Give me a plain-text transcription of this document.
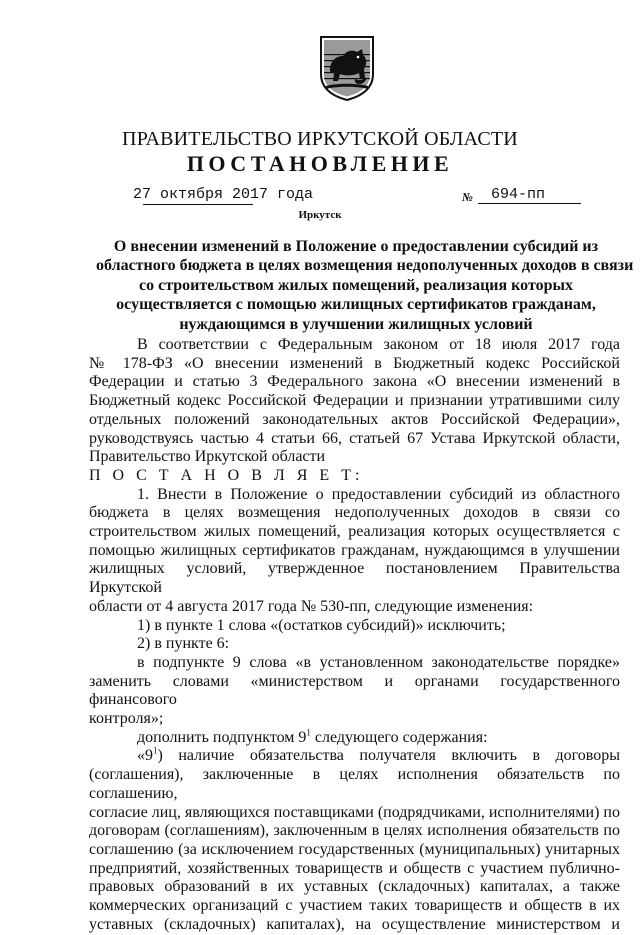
ПРАВИТЕЛЬСТВО ИРКУТСКОЙ ОБЛАСТИ
ПОСТАНОВЛЕНИЕ
27 октября 2017 года	№ 694-пп
Иркутск
О внесении изменений в Положение о предоставлении субсидий из
областного бюджета в целях возмещения недополученных доходов в связи
со строительством жилых помещений, реализация которых
осуществляется с помощью жилищных сертификатов гражданам,
нуждающимся в улучшении жилищных условий
В соответствии с Федеральным законом от 18 июля 2017 года
№ 178-ФЗ «О внесении изменений в Бюджетный кодекс Российской
Федерации и статью 3 Федерального закона «О внесении изменений в
Бюджетный кодекс Российской Федерации и признании утратившими силу
отдельных положений законодательных актов Российской Федерации»,
руководствуясь частью 4 статьи 66, статьей 67 Устава Иркутской области,
Правительство Иркутской области
П О С Т А Н О В Л Я Е Т:
1. Внести в Положение о предоставлении субсидий из областного
бюджета в целях возмещения недополученных доходов в связи со
строительством жилых помещений, реализация которых осуществляется с
помощью жилищных сертификатов гражданам, нуждающимся в улучшении
жилищных условий, утвержденное постановлением Правительства Иркутской
области от 4 августа 2017 года № 530-пп, следующие изменения:
1) в пункте 1 слова «(остатков субсидий)» исключить;
2) в пункте 6:
в подпункте 9 слова «в установленном законодательстве порядке»
заменить словами «министерством и органами государственного финансового
контроля»;
дополнить подпунктом $9^1$ следующего содержания:
«$9^1$) наличие обязательства получателя включить в договоры
(соглашения), заключенные в целях исполнения обязательств по соглашению,
согласие лиц, являющихся поставщиками (подрядчиками, исполнителями) по
договорам (соглашениям), заключенным в целях исполнения обязательств по
соглашению (за исключением государственных (муниципальных) унитарных
предприятий, хозяйственных товариществ и обществ с участием публично-
правовых образований в их уставных (складочных) капиталах, а также
коммерческих организаций с участием таких товариществ и обществ в их
уставных (складочных) капиталах), на осуществление министерством и
